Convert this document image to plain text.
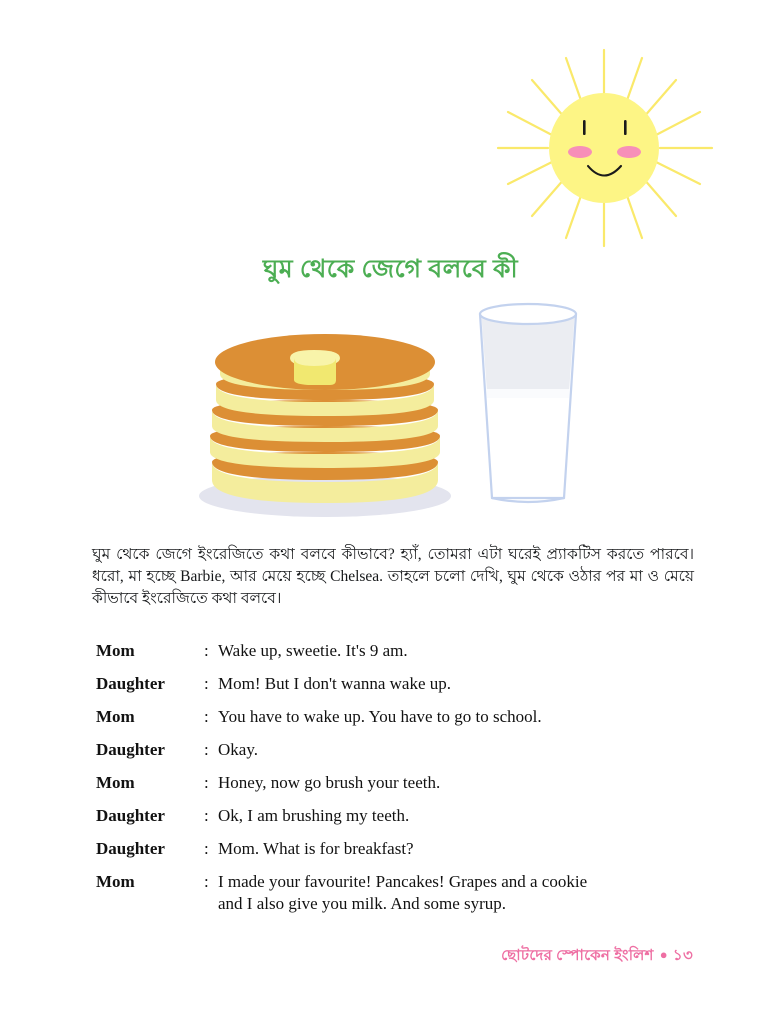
ঘুম থেকে জেগে বলবে কী
ঘুম থেকে জেগে ইংরেজিতে কথা বলবে কীভাবে? হ্যাঁ, তোমরা এটা ঘরেই প্র্যাকটিস করতে পারবে। ধরো, মা হচ্ছে Barbie, আর মেয়ে হচ্ছে Chelsea. তাহলে চলো দেখি, ঘুম থেকে ওঠার পর মা ও মেয়ে কীভাবে ইংরেজিতে কথা বলবে।
Mom	: Wake up, sweetie. It's 9 am.
Daughter	: Mom! But I don't wanna wake up.
Mom	: You have to wake up. You have to go to school.
Daughter	: Okay.
Mom	: Honey, now go brush your teeth.
Daughter	: Ok, I am brushing my teeth.
Daughter	: Mom. What is for breakfast?
Mom	: I made your favourite! Pancakes! Grapes and a cookie
and I also give you milk. And some syrup.
ছোটদের স্পোকেন ইংলিশ ● ১৩
